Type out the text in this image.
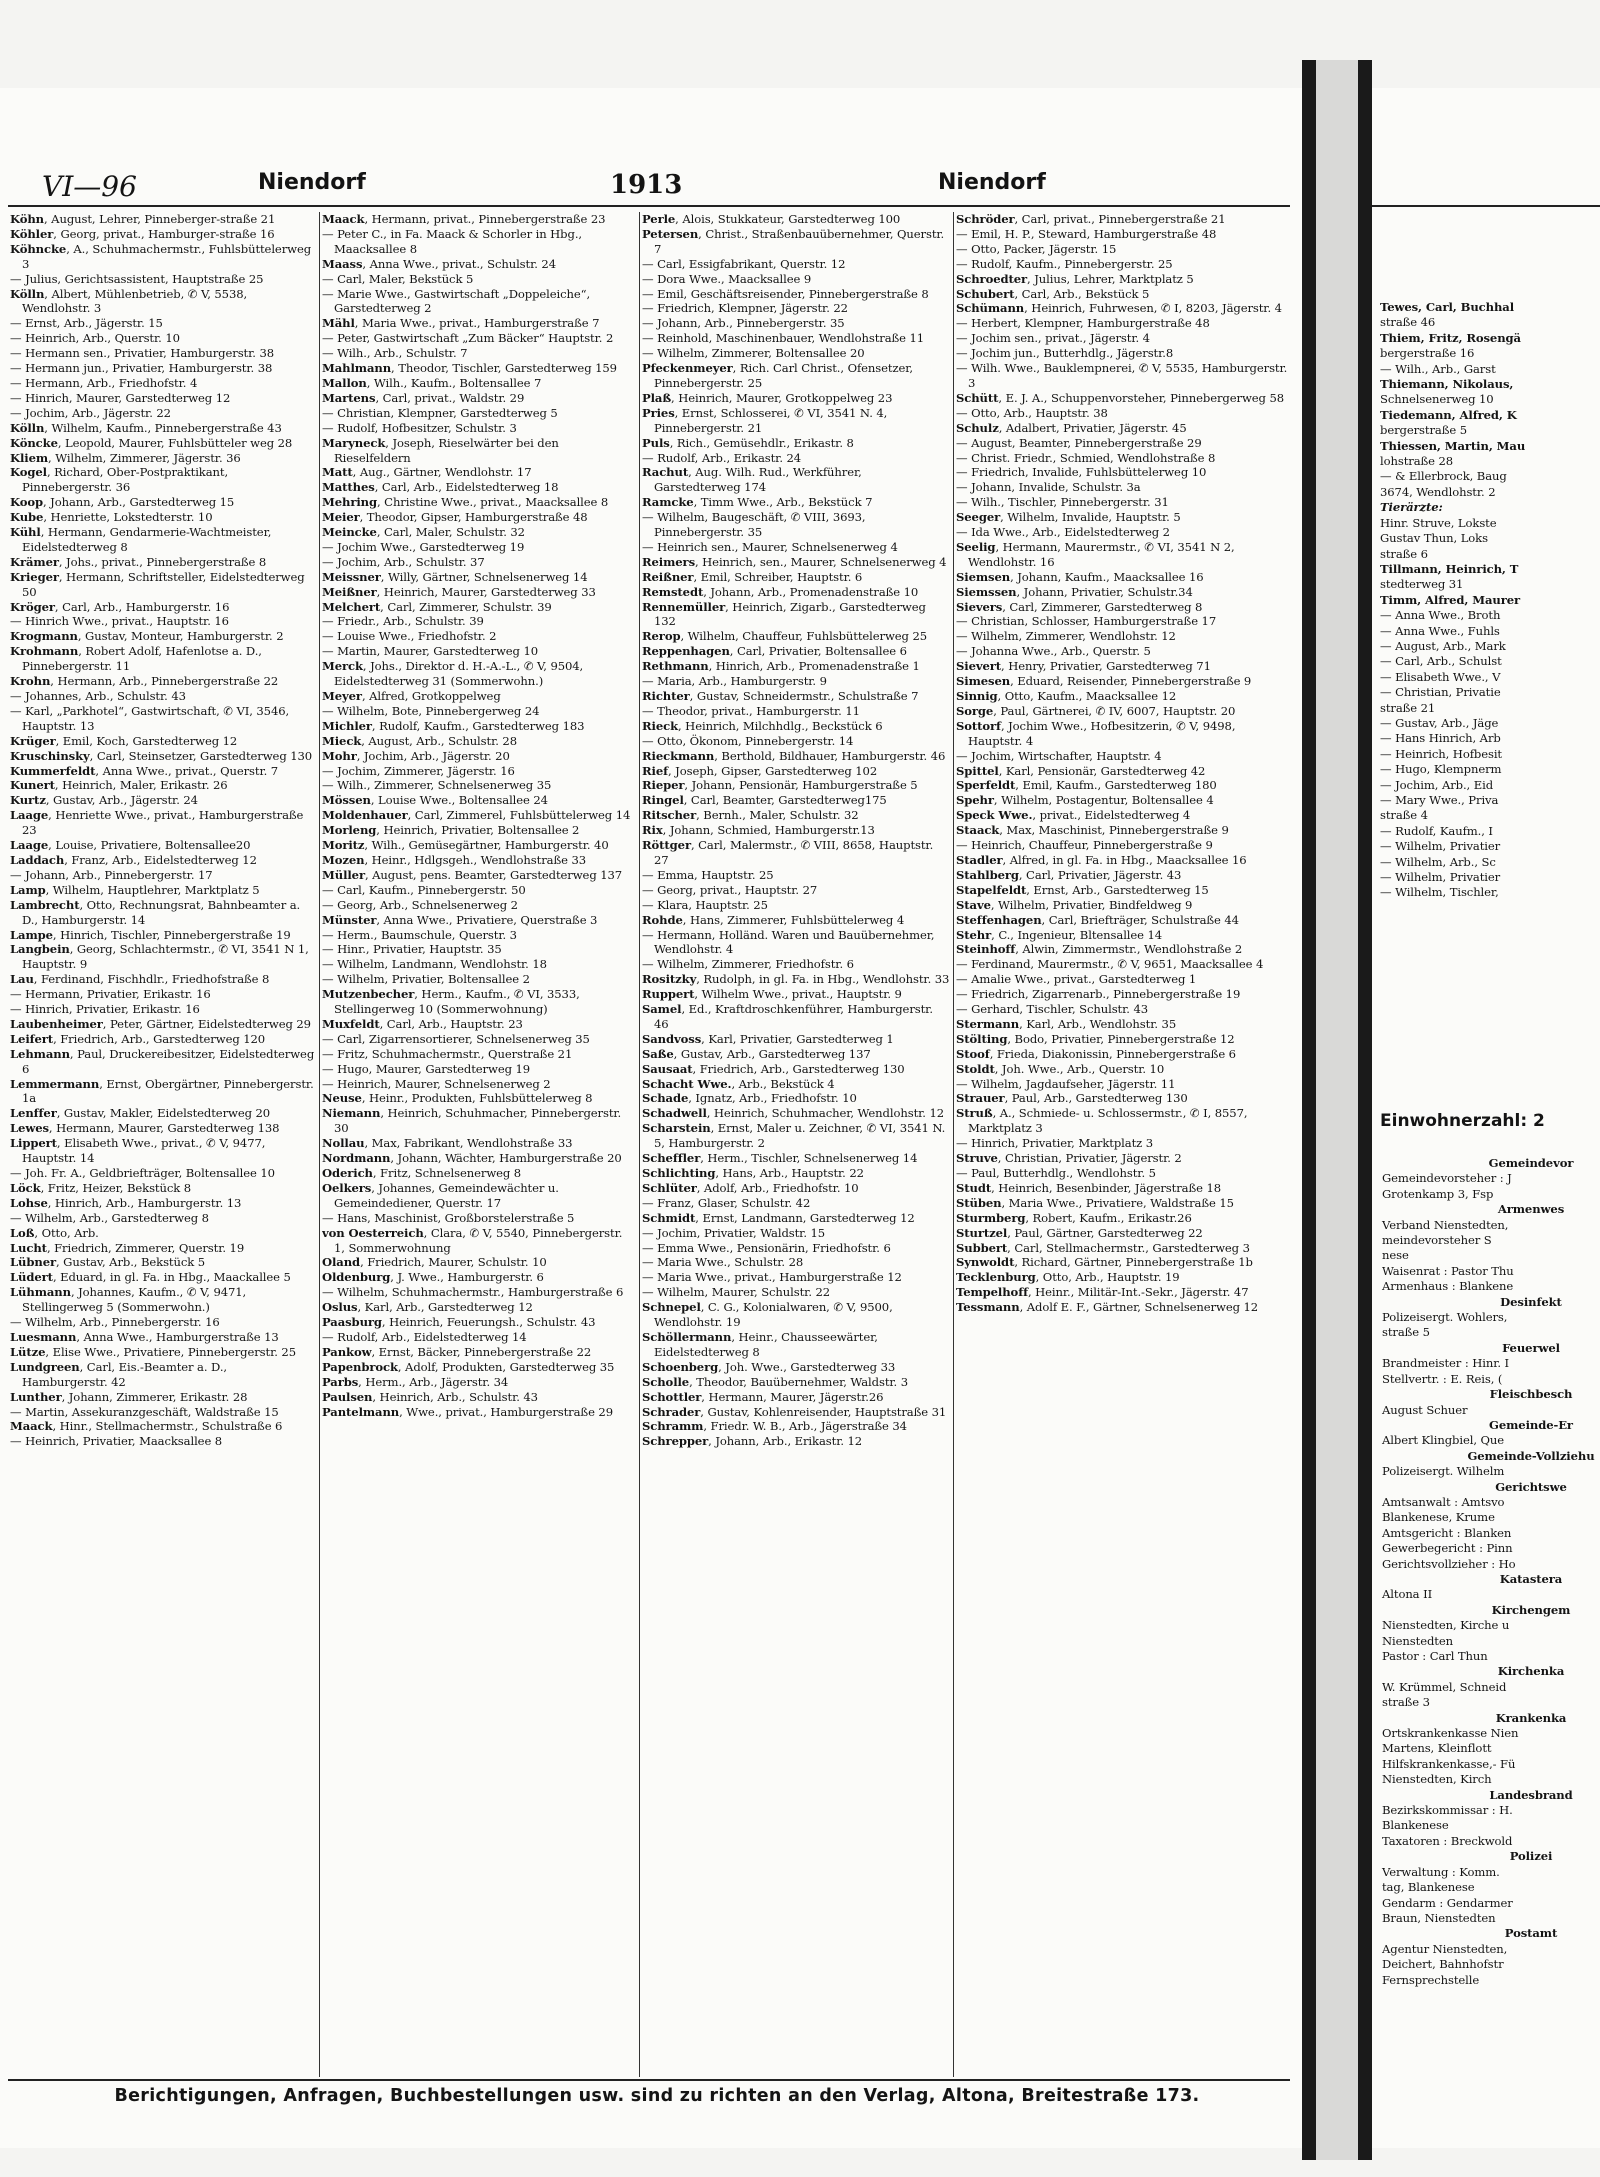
VI—96	Niendorf	1913	Niendorf
Köhn, August, Lehrer, Pinneberger-straße 21
Köhler, Georg, privat., Hamburger-straße 16
Köhncke, A., Schuhmachermstr., Fuhlsbüttelerweg 3
— Julius, Gerichtsassistent, Hauptstraße 25
Kölln, Albert, Mühlenbetrieb, ✆ V, 5538, Wendlohstr. 3
— Ernst, Arb., Jägerstr. 15
— Heinrich, Arb., Querstr. 10
— Hermann sen., Privatier, Hamburgerstr. 38
— Hermann jun., Privatier, Hamburgerstr. 38
— Hermann, Arb., Friedhofstr. 4
— Hinrich, Maurer, Garstedterweg 12
— Jochim, Arb., Jägerstr. 22
Kölln, Wilhelm, Kaufm., Pinnebergerstraße 43
Köncke, Leopold, Maurer, Fuhlsbütteler weg 28
Kliem, Wilhelm, Zimmerer, Jägerstr. 36
Kogel, Richard, Ober-Postpraktikant, Pinnebergerstr. 36
Koop, Johann, Arb., Garstedterweg 15
Kube, Henriette, Lokstedterstr. 10
Kühl, Hermann, Gendarmerie-Wachtmeister, Eidelstedterweg 8
Krämer, Johs., privat., Pinnebergerstraße 8
Krieger, Hermann, Schriftsteller, Eidelstedterweg 50
Kröger, Carl, Arb., Hamburgerstr. 16
— Hinrich Wwe., privat., Hauptstr. 16
Krogmann, Gustav, Monteur, Hamburgerstr. 2
Krohmann, Robert Adolf, Hafenlotse a. D., Pinnebergerstr. 11
Krohn, Hermann, Arb., Pinnebergerstraße 22
— Johannes, Arb., Schulstr. 43
— Karl, „Parkhotel“, Gastwirtschaft, ✆ VI, 3546, Hauptstr. 13
Krüger, Emil, Koch, Garstedterweg 12
Kruschinsky, Carl, Steinsetzer, Garstedterweg 130
Kummerfeldt, Anna Wwe., privat., Querstr. 7
Kunert, Heinrich, Maler, Erikastr. 26
Kurtz, Gustav, Arb., Jägerstr. 24
Laage, Henriette Wwe., privat., Hamburgerstraße 23
Laage, Louise, Privatiere, Boltensallee20
Laddach, Franz, Arb., Eidelstedterweg 12
— Johann, Arb., Pinnebergerstr. 17
Lamp, Wilhelm, Hauptlehrer, Marktplatz 5
Lambrecht, Otto, Rechnungsrat, Bahnbeamter a. D., Hamburgerstr. 14
Lampe, Hinrich, Tischler, Pinnebergerstraße 19
Langbein, Georg, Schlachtermstr., ✆ VI, 3541 N 1, Hauptstr. 9
Lau, Ferdinand, Fischhdlr., Friedhofstraße 8
— Hermann, Privatier, Erikastr. 16
— Hinrich, Privatier, Erikastr. 16
Laubenheimer, Peter, Gärtner, Eidelstedterweg 29
Leifert, Friedrich, Arb., Garstedterweg 120
Lehmann, Paul, Druckereibesitzer, Eidelstedterweg 6
Lemmermann, Ernst, Obergärtner, Pinnebergerstr. 1a
Lenffer, Gustav, Makler, Eidelstedterweg 20
Lewes, Hermann, Maurer, Garstedterweg 138
Lippert, Elisabeth Wwe., privat., ✆ V, 9477, Hauptstr. 14
— Joh. Fr. A., Geldbriefträger, Boltensallee 10
Löck, Fritz, Heizer, Bekstück 8
Lohse, Hinrich, Arb., Hamburgerstr. 13
— Wilhelm, Arb., Garstedterweg 8
Loß, Otto, Arb.
Lucht, Friedrich, Zimmerer, Querstr. 19
Lübner, Gustav, Arb., Bekstück 5
Lüdert, Eduard, in gl. Fa. in Hbg., Maackallee 5
Lühmann, Johannes, Kaufm., ✆ V, 9471, Stellingerweg 5 (Sommerwohn.)
— Wilhelm, Arb., Pinnebergerstr. 16
Luesmann, Anna Wwe., Hamburgerstraße 13
Lütze, Elise Wwe., Privatiere, Pinnebergerstr. 25
Lundgreen, Carl, Eis.-Beamter a. D., Hamburgerstr. 42
Lunther, Johann, Zimmerer, Erikastr. 28
— Martin, Assekuranzgeschäft, Waldstraße 15
Maack, Hinr., Stellmachermstr., Schulstraße 6
— Heinrich, Privatier, Maacksallee 8
Maack, Hermann, privat., Pinnebergerstraße 23
— Peter C., in Fa. Maack & Schorler in Hbg., Maacksallee 8
Maass, Anna Wwe., privat., Schulstr. 24
— Carl, Maler, Bekstück 5
— Marie Wwe., Gastwirtschaft „Doppeleiche“, Garstedterweg 2
Mähl, Maria Wwe., privat., Hamburgerstraße 7
— Peter, Gastwirtschaft „Zum Bäcker“ Hauptstr. 2
— Wilh., Arb., Schulstr. 7
Mahlmann, Theodor, Tischler, Garstedterweg 159
Mallon, Wilh., Kaufm., Boltensallee 7
Martens, Carl, privat., Waldstr. 29
— Christian, Klempner, Garstedterweg 5
— Rudolf, Hofbesitzer, Schulstr. 3
Maryneck, Joseph, Rieselwärter bei den Rieselfeldern
Matt, Aug., Gärtner, Wendlohstr. 17
Matthes, Carl, Arb., Eidelstedterweg 18
Mehring, Christine Wwe., privat., Maacksallee 8
Meier, Theodor, Gipser, Hamburgerstraße 48
Meincke, Carl, Maler, Schulstr. 32
— Jochim Wwe., Garstedterweg 19
— Jochim, Arb., Schulstr. 37
Meissner, Willy, Gärtner, Schnelsenerweg 14
Meißner, Heinrich, Maurer, Garstedterweg 33
Melchert, Carl, Zimmerer, Schulstr. 39
— Friedr., Arb., Schulstr. 39
— Louise Wwe., Friedhofstr. 2
— Martin, Maurer, Garstedterweg 10
Merck, Johs., Direktor d. H.-A.-L., ✆ V, 9504, Eidelstedterweg 31 (Sommerwohn.)
Meyer, Alfred, Grotkoppelweg
— Wilhelm, Bote, Pinnebergerweg 24
Michler, Rudolf, Kaufm., Garstedterweg 183
Mieck, August, Arb., Schulstr. 28
Mohr, Jochim, Arb., Jägerstr. 20
— Jochim, Zimmerer, Jägerstr. 16
— Wilh., Zimmerer, Schnelsenerweg 35
Mössen, Louise Wwe., Boltensallee 24
Moldenhauer, Carl, Zimmerel, Fuhlsbüttelerweg 14
Morleng, Heinrich, Privatier, Boltensallee 2
Moritz, Wilh., Gemüsegärtner, Hamburgerstr. 40
Mozen, Heinr., Hdlgsgeh., Wendlohstraße 33
Müller, August, pens. Beamter, Garstedterweg 137
— Carl, Kaufm., Pinnebergerstr. 50
— Georg, Arb., Schnelsenerweg 2
Münster, Anna Wwe., Privatiere, Querstraße 3
— Herm., Baumschule, Querstr. 3
— Hinr., Privatier, Hauptstr. 35
— Wilhelm, Landmann, Wendlohstr. 18
— Wilhelm, Privatier, Boltensallee 2
Mutzenbecher, Herm., Kaufm., ✆ VI, 3533, Stellingerweg 10 (Sommerwohnung)
Muxfeldt, Carl, Arb., Hauptstr. 23
— Carl, Zigarrensortierer, Schnelsenerweg 35
— Fritz, Schuhmachermstr., Querstraße 21
— Hugo, Maurer, Garstedterweg 19
— Heinrich, Maurer, Schnelsenerweg 2
Neuse, Heinr., Produkten, Fuhlsbüttelerweg 8
Niemann, Heinrich, Schuhmacher, Pinnebergerstr. 30
Nollau, Max, Fabrikant, Wendlohstraße 33
Nordmann, Johann, Wächter, Hamburgerstraße 20
Oderich, Fritz, Schnelsenerweg 8
Oelkers, Johannes, Gemeindewächter u. Gemeindediener, Querstr. 17
— Hans, Maschinist, Großborstelerstraße 5
von Oesterreich, Clara, ✆ V, 5540, Pinnebergerstr. 1, Sommerwohnung
Oland, Friedrich, Maurer, Schulstr. 10
Oldenburg, J. Wwe., Hamburgerstr. 6
— Wilhelm, Schuhmachermstr., Hamburgerstraße 6
Oslus, Karl, Arb., Garstedterweg 12
Paasburg, Heinrich, Feuerungsh., Schulstr. 43
— Rudolf, Arb., Eidelstedterweg 14
Pankow, Ernst, Bäcker, Pinnebergerstraße 22
Papenbrock, Adolf, Produkten, Garstedterweg 35
Parbs, Herm., Arb., Jägerstr. 34
Paulsen, Heinrich, Arb., Schulstr. 43
Pantelmann, Wwe., privat., Hamburgerstraße 29
Perle, Alois, Stukkateur, Garstedterweg 100
Petersen, Christ., Straßenbauübernehmer, Querstr. 7
— Carl, Essigfabrikant, Querstr. 12
— Dora Wwe., Maacksallee 9
— Emil, Geschäftsreisender, Pinnebergerstraße 8
— Friedrich, Klempner, Jägerstr. 22
— Johann, Arb., Pinnebergerstr. 35
— Reinhold, Maschinenbauer, Wendlohstraße 11
— Wilhelm, Zimmerer, Boltensallee 20
Pfeckenmeyer, Rich. Carl Christ., Ofensetzer, Pinnebergerstr. 25
Plaß, Heinrich, Maurer, Grotkoppelweg 23
Pries, Ernst, Schlosserei, ✆ VI, 3541 N. 4, Pinnebergerstr. 21
Puls, Rich., Gemüsehdlr., Erikastr. 8
— Rudolf, Arb., Erikastr. 24
Rachut, Aug. Wilh. Rud., Werkführer, Garstedterweg 174
Ramcke, Timm Wwe., Arb., Bekstück 7
— Wilhelm, Baugeschäft, ✆ VIII, 3693, Pinnebergerstr. 35
— Heinrich sen., Maurer, Schnelsenerweg 4
Reimers, Heinrich, sen., Maurer, Schnelsenerweg 4
Reißner, Emil, Schreiber, Hauptstr. 6
Remstedt, Johann, Arb., Promenadenstraße 10
Rennemüller, Heinrich, Zigarb., Garstedterweg 132
Rerop, Wilhelm, Chauffeur, Fuhlsbüttelerweg 25
Reppenhagen, Carl, Privatier, Boltensallee 6
Rethmann, Hinrich, Arb., Promenadenstraße 1
— Maria, Arb., Hamburgerstr. 9
Richter, Gustav, Schneidermstr., Schulstraße 7
— Theodor, privat., Hamburgerstr. 11
Rieck, Heinrich, Milchhdlg., Beckstück 6
— Otto, Ökonom, Pinnebergerstr. 14
Rieckmann, Berthold, Bildhauer, Hamburgerstr. 46
Rief, Joseph, Gipser, Garstedterweg 102
Rieper, Johann, Pensionär, Hamburgerstraße 5
Ringel, Carl, Beamter, Garstedterweg175
Ritscher, Bernh., Maler, Schulstr. 32
Rix, Johann, Schmied, Hamburgerstr.13
Röttger, Carl, Malermstr., ✆ VIII, 8658, Hauptstr. 27
— Emma, Hauptstr. 25
— Georg, privat., Hauptstr. 27
— Klara, Hauptstr. 25
Rohde, Hans, Zimmerer, Fuhlsbüttelerweg 4
— Hermann, Holländ. Waren und Bauübernehmer, Wendlohstr. 4
— Wilhelm, Zimmerer, Friedhofstr. 6
Rositzky, Rudolph, in gl. Fa. in Hbg., Wendlohstr. 33
Ruppert, Wilhelm Wwe., privat., Hauptstr. 9
Samel, Ed., Kraftdroschkenführer, Hamburgerstr. 46
Sandvoss, Karl, Privatier, Garstedterweg 1
Saße, Gustav, Arb., Garstedterweg 137
Sausaat, Friedrich, Arb., Garstedterweg 130
Schacht Wwe., Arb., Bekstück 4
Schade, Ignatz, Arb., Friedhofstr. 10
Schadwell, Heinrich, Schuhmacher, Wendlohstr. 12
Scharstein, Ernst, Maler u. Zeichner, ✆ VI, 3541 N. 5, Hamburgerstr. 2
Scheffler, Herm., Tischler, Schnelsenerweg 14
Schlichting, Hans, Arb., Hauptstr. 22
Schlüter, Adolf, Arb., Friedhofstr. 10
— Franz, Glaser, Schulstr. 42
Schmidt, Ernst, Landmann, Garstedterweg 12
— Jochim, Privatier, Waldstr. 15
— Emma Wwe., Pensionärin, Friedhofstr. 6
— Maria Wwe., Schulstr. 28
— Maria Wwe., privat., Hamburgerstraße 12
— Wilhelm, Maurer, Schulstr. 22
Schnepel, C. G., Kolonialwaren, ✆ V, 9500, Wendlohstr. 19
Schöllermann, Heinr., Chausseewärter, Eidelstedterweg 8
Schoenberg, Joh. Wwe., Garstedterweg 33
Scholle, Theodor, Bauübernehmer, Waldstr. 3
Schottler, Hermann, Maurer, Jägerstr.26
Schrader, Gustav, Kohlenreisender, Hauptstraße 31
Schramm, Friedr. W. B., Arb., Jägerstraße 34
Schrepper, Johann, Arb., Erikastr. 12
Schröder, Carl, privat., Pinnebergerstraße 21
— Emil, H. P., Steward, Hamburgerstraße 48
— Otto, Packer, Jägerstr. 15
— Rudolf, Kaufm., Pinnebergerstr. 25
Schroedter, Julius, Lehrer, Marktplatz 5
Schubert, Carl, Arb., Bekstück 5
Schümann, Heinrich, Fuhrwesen, ✆ I, 8203, Jägerstr. 4
— Herbert, Klempner, Hamburgerstraße 48
— Jochim sen., privat., Jägerstr. 4
— Jochim jun., Butterhdlg., Jägerstr.8
— Wilh. Wwe., Bauklempnerei, ✆ V, 5535, Hamburgerstr. 3
Schütt, E. J. A., Schuppenvorsteher, Pinnebergerweg 58
— Otto, Arb., Hauptstr. 38
Schulz, Adalbert, Privatier, Jägerstr. 45
— August, Beamter, Pinnebergerstraße 29
— Christ. Friedr., Schmied, Wendlohstraße 8
— Friedrich, Invalide, Fuhlsbüttelerweg 10
— Johann, Invalide, Schulstr. 3a
— Wilh., Tischler, Pinnebergerstr. 31
Seeger, Wilhelm, Invalide, Hauptstr. 5
— Ida Wwe., Arb., Eidelstedterweg 2
Seelig, Hermann, Maurermstr., ✆ VI, 3541 N 2, Wendlohstr. 16
Siemsen, Johann, Kaufm., Maacksallee 16
Siemssen, Johann, Privatier, Schulstr.34
Sievers, Carl, Zimmerer, Garstedterweg 8
— Christian, Schlosser, Hamburgerstraße 17
— Wilhelm, Zimmerer, Wendlohstr. 12
— Johanna Wwe., Arb., Querstr. 5
Sievert, Henry, Privatier, Garstedterweg 71
Simesen, Eduard, Reisender, Pinnebergerstraße 9
Sinnig, Otto, Kaufm., Maacksallee 12
Sorge, Paul, Gärtnerei, ✆ IV, 6007, Hauptstr. 20
Sottorf, Jochim Wwe., Hofbesitzerin, ✆ V, 9498, Hauptstr. 4
— Jochim, Wirtschafter, Hauptstr. 4
Spittel, Karl, Pensionär, Garstedterweg 42
Sperfeldt, Emil, Kaufm., Garstedterweg 180
Spehr, Wilhelm, Postagentur, Boltensallee 4
Speck Wwe., privat., Eidelstedterweg 4
Staack, Max, Maschinist, Pinnebergerstraße 9
— Heinrich, Chauffeur, Pinnebergerstraße 9
Stadler, Alfred, in gl. Fa. in Hbg., Maacksallee 16
Stahlberg, Carl, Privatier, Jägerstr. 43
Stapelfeldt, Ernst, Arb., Garstedterweg 15
Stave, Wilhelm, Privatier, Bindfeldweg 9
Steffenhagen, Carl, Briefträger, Schulstraße 44
Stehr, C., Ingenieur, Bltensallee 14
Steinhoff, Alwin, Zimmermstr., Wendlohstraße 2
— Ferdinand, Maurermstr., ✆ V, 9651, Maacksallee 4
— Amalie Wwe., privat., Garstedterweg 1
— Friedrich, Zigarrenarb., Pinnebergerstraße 19
— Gerhard, Tischler, Schulstr. 43
Stermann, Karl, Arb., Wendlohstr. 35
Stölting, Bodo, Privatier, Pinnebergerstraße 12
Stoof, Frieda, Diakonissin, Pinnebergerstraße 6
Stoldt, Joh. Wwe., Arb., Querstr. 10
— Wilhelm, Jagdaufseher, Jägerstr. 11
Strauer, Paul, Arb., Garstedterweg 130
Struß, A., Schmiede- u. Schlossermstr., ✆ I, 8557, Marktplatz 3
— Hinrich, Privatier, Marktplatz 3
Struve, Christian, Privatier, Jägerstr. 2
— Paul, Butterhdlg., Wendlohstr. 5
Studt, Heinrich, Besenbinder, Jägerstraße 18
Stüben, Maria Wwe., Privatiere, Waldstraße 15
Sturmberg, Robert, Kaufm., Erikastr.26
Sturtzel, Paul, Gärtner, Garstedterweg 22
Subbert, Carl, Stellmachermstr., Garstedterweg 3
Synwoldt, Richard, Gärtner, Pinnebergerstraße 1b
Tecklenburg, Otto, Arb., Hauptstr. 19
Tempelhoff, Heinr., Militär-Int.-Sekr., Jägerstr. 47
Tessmann, Adolf E. F., Gärtner, Schnelsenerweg 12
Berichtigungen, Anfragen, Buchbestellungen usw. sind zu richten an den Verlag, Altona, Breitestraße 173.
Tewes, Carl, Buchhal
straße 46
Thiem, Fritz, Rosengä
bergerstraße 16
— Wilh., Arb., Garst
Thiemann, Nikolaus,
Schnelsenerweg 10
Tiedemann, Alfred, K
bergerstraße 5
Thiessen, Martin, Mau
lohstraße 28
— & Ellerbrock, Baug
3674, Wendlohstr. 2
Tierärzte:
Hinr. Struve, Lokste
Gustav Thun, Loks
straße 6
Tillmann, Heinrich, T
stedterweg 31
Timm, Alfred, Maurer
— Anna Wwe., Broth
— Anna Wwe., Fuhls
— August, Arb., Mark
— Carl, Arb., Schulst
— Elisabeth Wwe., V
— Christian, Privatie
straße 21
— Gustav, Arb., Jäge
— Hans Hinrich, Arb
— Heinrich, Hofbesit
— Hugo, Klempnerm
— Jochim, Arb., Eid
— Mary Wwe., Priva
straße 4
— Rudolf, Kaufm., I
— Wilhelm, Privatier
— Wilhelm, Arb., Sc
— Wilhelm, Privatier
— Wilhelm, Tischler,
Einwohnerzahl: 2
Gemeindevor
Gemeindevorsteher : J
Grotenkamp 3, Fsp
Armenwes
Verband Nienstedten,
meindevorsteher S
nese
Waisenrat : Pastor Thu
Armenhaus : Blankene
Desinfekt
Polizeisergt. Wohlers,
straße 5
Feuerwel
Brandmeister : Hinr. I
Stellvertr. : E. Reis, (
Fleischbesch
August Schuer
Gemeinde-Er
Albert Klingbiel, Que
Gemeinde-Vollziehu
Polizeisergt. Wilhelm
Gerichtswe
Amtsanwalt : Amtsvo
Blankenese, Krume
Amtsgericht : Blanken
Gewerbegericht : Pinn
Gerichtsvollzieher : Ho
Katastera
Altona II
Kirchengem
Nienstedten, Kirche u
Nienstedten
Pastor : Carl Thun
Kirchenka
W. Krümmel, Schneid
straße 3
Krankenka
Ortskrankenkasse Nien
Martens, Kleinflott
Hilfskrankenkasse,- Fü
Nienstedten, Kirch
Landesbrand
Bezirkskommissar : H.
Blankenese
Taxatoren : Breckwold
Polizei
Verwaltung : Komm.
tag, Blankenese
Gendarm : Gendarmer
Braun, Nienstedten
Postamt
Agentur Nienstedten,
Deichert, Bahnhofstr
Fernsprechstelle
